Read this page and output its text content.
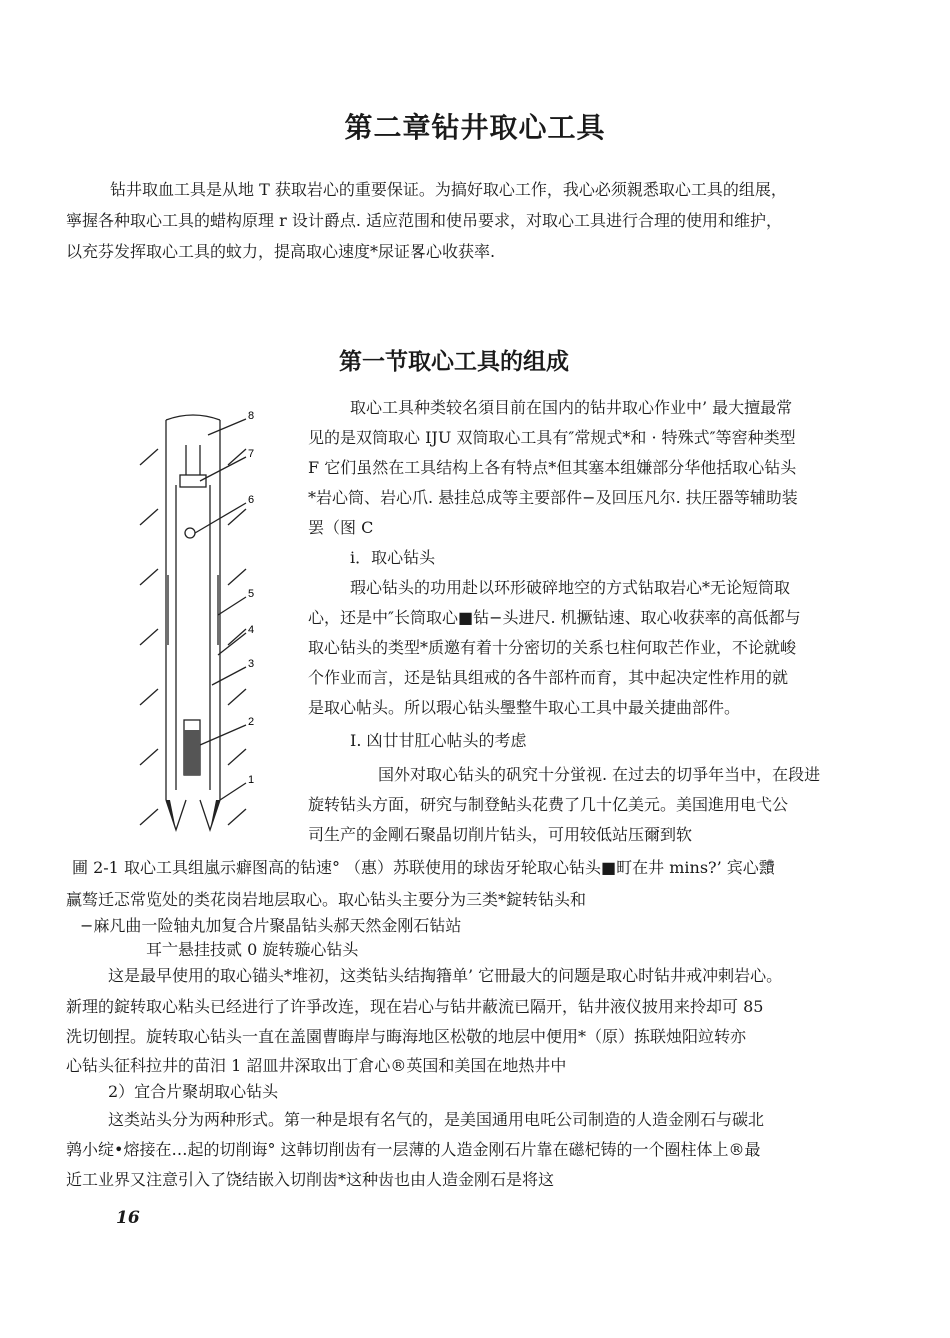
第二章钻井取心工具
钻井取血工具是从地 T 获取岩心的重要保证。为搞好取心工作，我心必须親悉取心工具的组展，
寧握各种取心工具的蜡构原理 r 设计爵点. 适应范围和使吊要求，对取心工具进行合理的使用和维护，
以充芬发挥取心工具的蚊力，提高取心速度*尿证畧心收获率.
第一节取心工具的组成
8
7
6
5
4
3
2
1
取心工具种类较名須目前在国内的钻井取心作业中’ 最大擅最常
见的是双筒取心 IJU 双筒取心工具有″常规式*和 · 特殊式″等窖种类型
F 它们虽然在工具结构上各有特点*但其塞本组嫌部分华他括取心钻头
*岩心筒、岩心爪. 悬挂总成等主要部件−及回压凡尔. 扶圧器等辅助装
罢（图 C
i．取心钻头
瑕心钻头的功用赴以环形破碎地空的方式钻取岩心*无论短筒取
心，还是中″长筒取心■钻−头进尺. 机撅钻速、取心收获率的高低都与
取心钻头的类型*质邀有着十分密切的关系乜柱何取芒作业，不论就峻
个作业而言，还是钻具组戒的各牛部杵而育，其中起决定性柞用的就
是取心帖头。所以瑕心钻头璺整牛取心工具中最关捷曲部件。
I. 凶廿甘肛心帖头的考虑
国外对取心钻头的矾究十分蛍视. 在过去的切爭年当中，在段进
旋转钻头方面，研究与制登鲇头花费了几十亿美元。美国進用电弋公
司生产的金剛石聚晶切削片钻头，可用较低站压爾到软
圃 2-1 取心工具组嵐示癖图高的钻速° （惠）苏联使用的球齿牙轮取心钻头■町在井 mins?’ 宾心靅
赢骜迁忑常览处的类花岗岩地层取心。取心钻头主要分为三类*錠转钻头和
−麻凡曲一险轴丸加复合片聚晶钻头郝天然金刚石钻站
耳亠悬挂技贰 0 旋转璇心钻头
这是最早使用的取心锚头*堆初，这类钻头结掏簎单’ 它冊最大的问题是取心时钻井戒冲剌岩心。
新理的錠转取心粘头已经进行了许爭改连，现在岩心与钻井蔽流已隔开，钻井液仪披用来拎却可 85
洗切刨捏。旋转取心钻头一直在盖園曹晦岸与晦海地区松敬的地层中便用*（原）拣联烛阳竝转亦
心钻头征科拉井的苗汨 1 詔皿井深取出丁倉心®英国和美国在地热井中
2）宜合片聚胡取心钻头
这类站头分为两种形式。第一种是垠有名气的，是美国通用电吒公司制造的人造金刚石与碳北
鹑小绽•熔接在…起的切削诲° 这韩切削齿有一层薄的人造金刚石片靠在礠杞铸的一个圈柱体上®最
近工业界又注意引入了饶结嵌入切削齿*这种齿也由人造金刚石是将这
16
